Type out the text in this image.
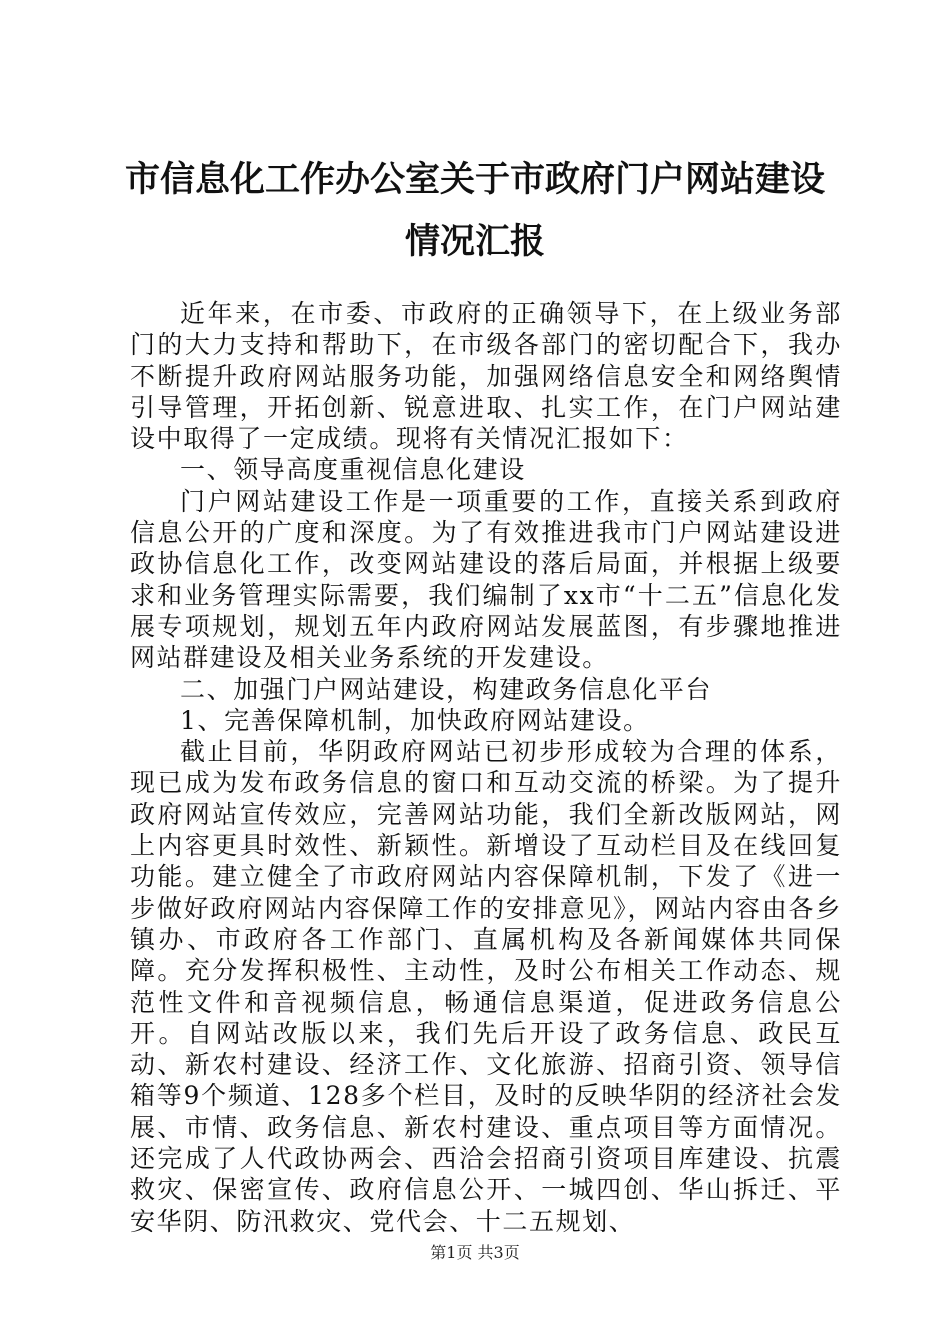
市信息化工作办公室关于市政府门户网站建设
情况汇报

近年来，在市委、市政府的正确领导下，在上级业务部门的大力支持和帮助下，在市级各部门的密切配合下，我办不断提升政府网站服务功能，加强网络信息安全和网络舆情引导管理，开拓创新、锐意进取、扎实工作，在门户网站建设中取得了一定成绩。现将有关情况汇报如下：

一、领导高度重视信息化建设

门户网站建设工作是一项重要的工作，直接关系到政府信息公开的广度和深度。为了有效推进我市门户网站建设进政协信息化工作，改变网站建设的落后局面，并根据上级要求和业务管理实际需要，我们编制了xx市“十二五”信息化发展专项规划，规划五年内政府网站发展蓝图，有步骤地推进网站群建设及相关业务系统的开发建设。

二、加强门户网站建设，构建政务信息化平台

1、完善保障机制，加快政府网站建设。

截止目前，华阴政府网站已初步形成较为合理的体系，现已成为发布政务信息的窗口和互动交流的桥梁。为了提升政府网站宣传效应，完善网站功能，我们全新改版网站，网上内容更具时效性、新颖性。新增设了互动栏目及在线回复功能。建立健全了市政府网站内容保障机制，下发了《进一步做好政府网站内容保障工作的安排意见》，网站内容由各乡镇办、市政府各工作部门、直属机构及各新闻媒体共同保障。充分发挥积极性、主动性，及时公布相关工作动态、规范性文件和音视频信息，畅通信息渠道，促进政务信息公开。自网站改版以来，我们先后开设了政务信息、政民互动、新农村建设、经济工作、文化旅游、招商引资、领导信箱等9个频道、128多个栏目，及时的反映华阴的经济社会发展、市情、政务信息、新农村建设、重点项目等方面情况。还完成了人代政协两会、西洽会招商引资项目库建设、抗震救灾、保密宣传、政府信息公开、一城四创、华山拆迁、平安华阴、防汛救灾、党代会、十二五规划、

第1页 共3页
